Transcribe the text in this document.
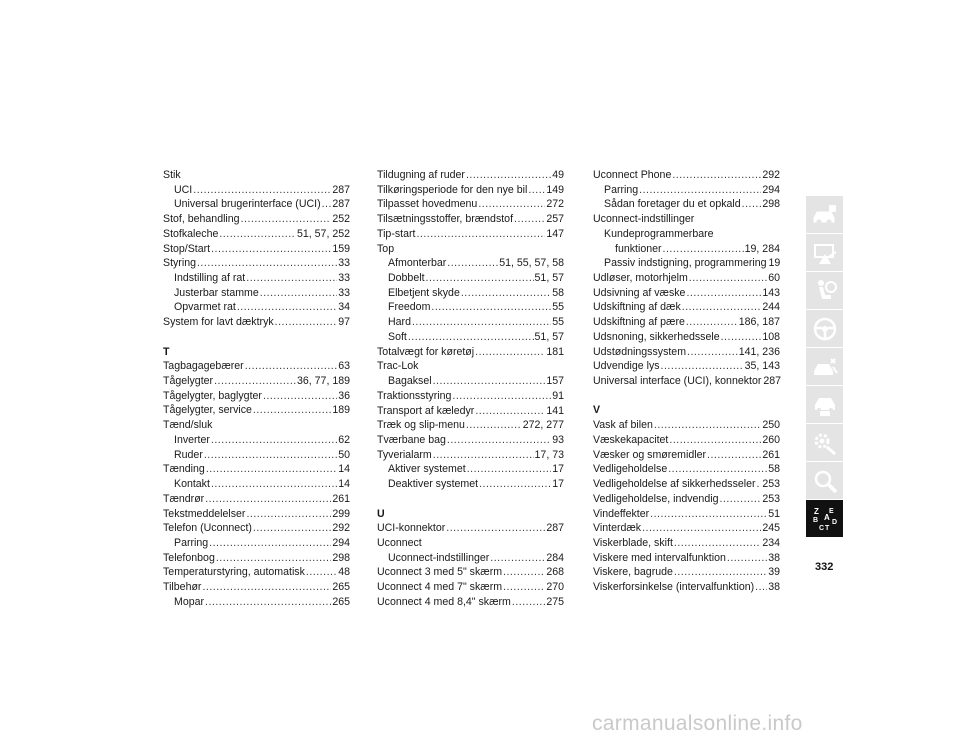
Stik
UCI .....	287
Universal brugerinterface (UCI) ..... 287
Stof, behandling .....	252
Stofkaleche .....	51, 57, 252
Stop/Start .....	159
Styring .....	33
Indstilling af rat .....	33
Justerbar stamme .....	33
Opvarmet rat .....	34
System for lavt dæktryk .....	97
T
Tagbagagebærer .....	63
Tågelygter .....	36, 77, 189
Tågelygter, baglygter .....	36
Tågelygter, service .....	189
Tænd/sluk
Inverter .....	62
Ruder .....	50
Tænding .....	14
Kontakt .....	14
Tændrør .....	261
Tekstmeddelelser .....	299
Telefon (Uconnect) .....	292
Parring .....	294
Telefonbog .....	298
Temperaturstyring, automatisk .....	48
Tilbehør .....	265
Mopar .....	265
Tildugning af ruder .....	49
Tilkøringsperiode for den nye bil ..... 149
Tilpasset hovedmenu .....	272
Tilsætningsstoffer, brændstof .....	257
Tip-start .....	147
Top
Afmonterbar .....	51, 55, 57, 58
Dobbelt .....	51, 57
Elbetjent skyde .....	58
Freedom .....	55
Hard .....	55
Soft .....	51, 57
Totalvægt for køretøj .....	181
Trac-Lok
Bagaksel .....	157
Traktionsstyring .....	91
Transport af kæledyr .....	141
Træk og slip-menu .....	272, 277
Tværbane bag .....	93
Tyverialarm .....	17, 73
Aktiver systemet .....	17
Deaktiver systemet .....	17
U
UCI-konnektor .....	287
Uconnect
Uconnect-indstillinger .....	284
Uconnect 3 med 5" skærm .....	268
Uconnect 4 med 7" skærm .....	270
Uconnect 4 med 8,4" skærm .....	275
Uconnect Phone .....	292
Parring .....	294
Sådan foretager du et opkald ..... 298
Uconnect-indstillinger
Kundeprogrammerbare
funktioner .....	19, 284
Passiv indstigning, programmering 19
Udløser, motorhjelm .....	60
Udsivning af væske .....	143
Udskiftning af dæk .....	244
Udskiftning af pære .....	186, 187
Udsnoning, sikkerhedssele .....	108
Udstødningssystem .....	141, 236
Udvendige lys .....	35, 143
Universal interface (UCI), konnektor 287
V
Vask af bilen .....	250
Væskekapacitet .....	260
Væsker og smøremidler .....	261
Vedligeholdelse .....	58
Vedligeholdelse af sikkerhedsseler ..... 253
Vedligeholdelse, indvendig .....	253
Vindeffekter .....	51
Vinterdæk .....	245
Viskerblade, skift .....	234
Viskere med intervalfunktion .....	38
Viskere, bagrude .....	39
Viskerforsinkelse (intervalfunktion) ..... 38
Z
B
E
A
C
D
T
332
carmanualsonline.info
